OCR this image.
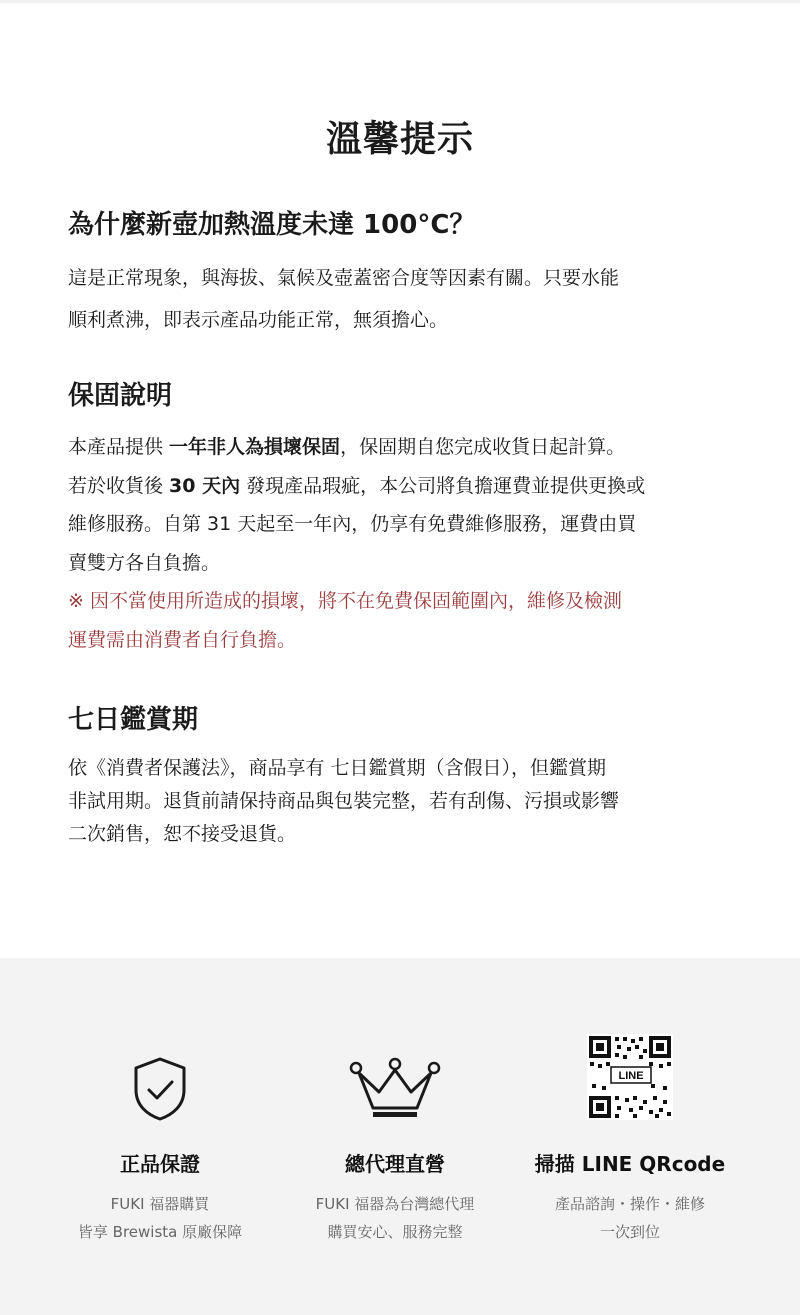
溫馨提示
為什麼新壺加熱溫度未達 100°C？

這是正常現象，與海拔、氣候及壺蓋密合度等因素有關。只要水能
順利煮沸，即表示產品功能正常，無須擔心。

保固說明

本產品提供 一年非人為損壞保固，保固期自您完成收貨日起計算。
若於收貨後 30 天內 發現產品瑕疵，本公司將負擔運費並提供更換或
維修服務。自第 31 天起至一年內，仍享有免費維修服務，運費由買
賣雙方各自負擔。
※ 因不當使用所造成的損壞，將不在免費保固範圍內，維修及檢測
運費需由消費者自行負擔。

七日鑑賞期

依《消費者保護法》，商品享有 七日鑑賞期（含假日），但鑑賞期
非試用期。退貨前請保持商品與包裝完整，若有刮傷、污損或影響
二次銷售，恕不接受退貨。

正品保證

FUKI 福器購買
皆享 Brewista 原廠保障

總代理直營

FUKI 福器為台灣總代理
購買安心、服務完整

LINE
掃描 LINE QRcode

產品諮詢・操作・維修
一次到位
